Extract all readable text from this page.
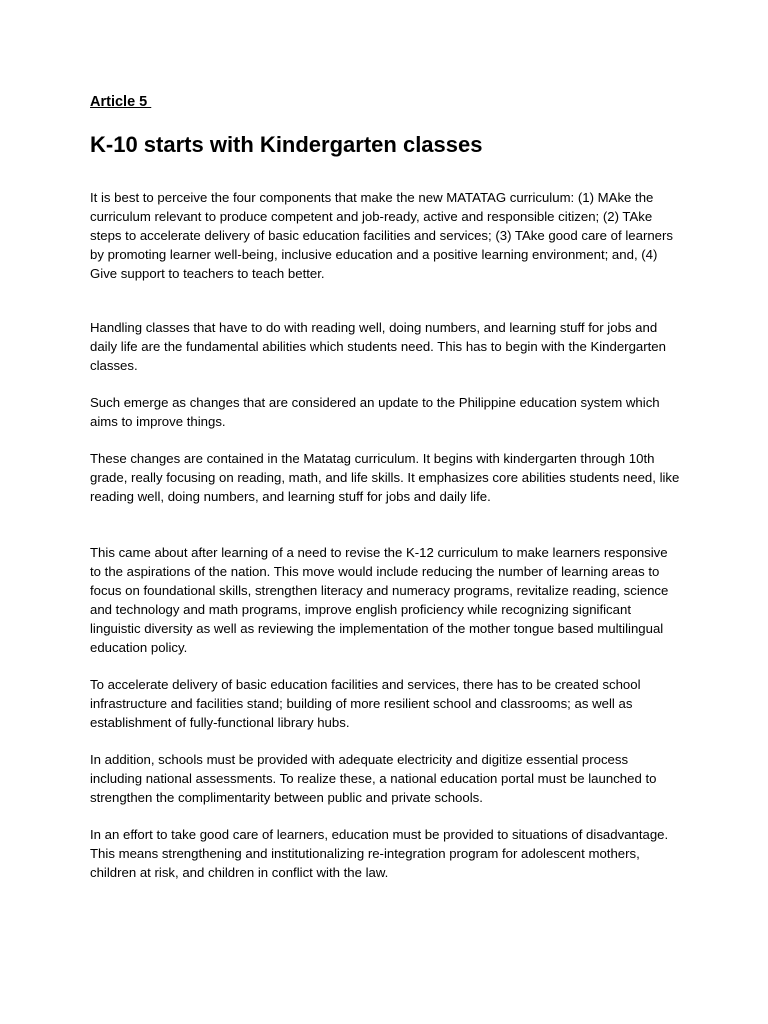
Article 5
K-10 starts with Kindergarten classes

It is best to perceive the four components that make the new MATATAG curriculum: (1) MAke the curriculum relevant to produce competent and job-ready, active and responsible citizen; (2) TAke steps to accelerate delivery of basic education facilities and services; (3) TAke good care of learners by promoting learner well-being, inclusive education and a positive learning environment; and, (4) Give support to teachers to teach better.

Handling classes that have to do with reading well, doing numbers, and learning stuff for jobs and daily life are the fundamental abilities which students need. This has to begin with the Kindergarten classes.

Such emerge as changes that are considered an update to the Philippine education system which aims to improve things.

These changes are contained in the Matatag curriculum. It begins with kindergarten through 10th grade, really focusing on reading, math, and life skills. It emphasizes core abilities students need, like reading well, doing numbers, and learning stuff for jobs and daily life.

This came about after learning of a need to revise the K-12 curriculum to make learners responsive to the aspirations of the nation. This move would include reducing the number of learning areas to focus on foundational skills, strengthen literacy and numeracy programs, revitalize reading, science and technology and math programs, improve english proficiency while recognizing significant linguistic diversity as well as reviewing the implementation of the mother tongue based multilingual education policy.

To accelerate delivery of basic education facilities and services, there has to be created school infrastructure and facilities stand; building of more resilient school and classrooms; as well as establishment of fully-functional library hubs.

In addition, schools must be provided with adequate electricity and digitize essential process including national assessments. To realize these, a national education portal must be launched to strengthen the complimentarity between public and private schools.

In an effort to take good care of learners, education must be provided to situations of disadvantage. This means strengthening and institutionalizing re-integration program for adolescent mothers, children at risk, and children in conflict with the law.
